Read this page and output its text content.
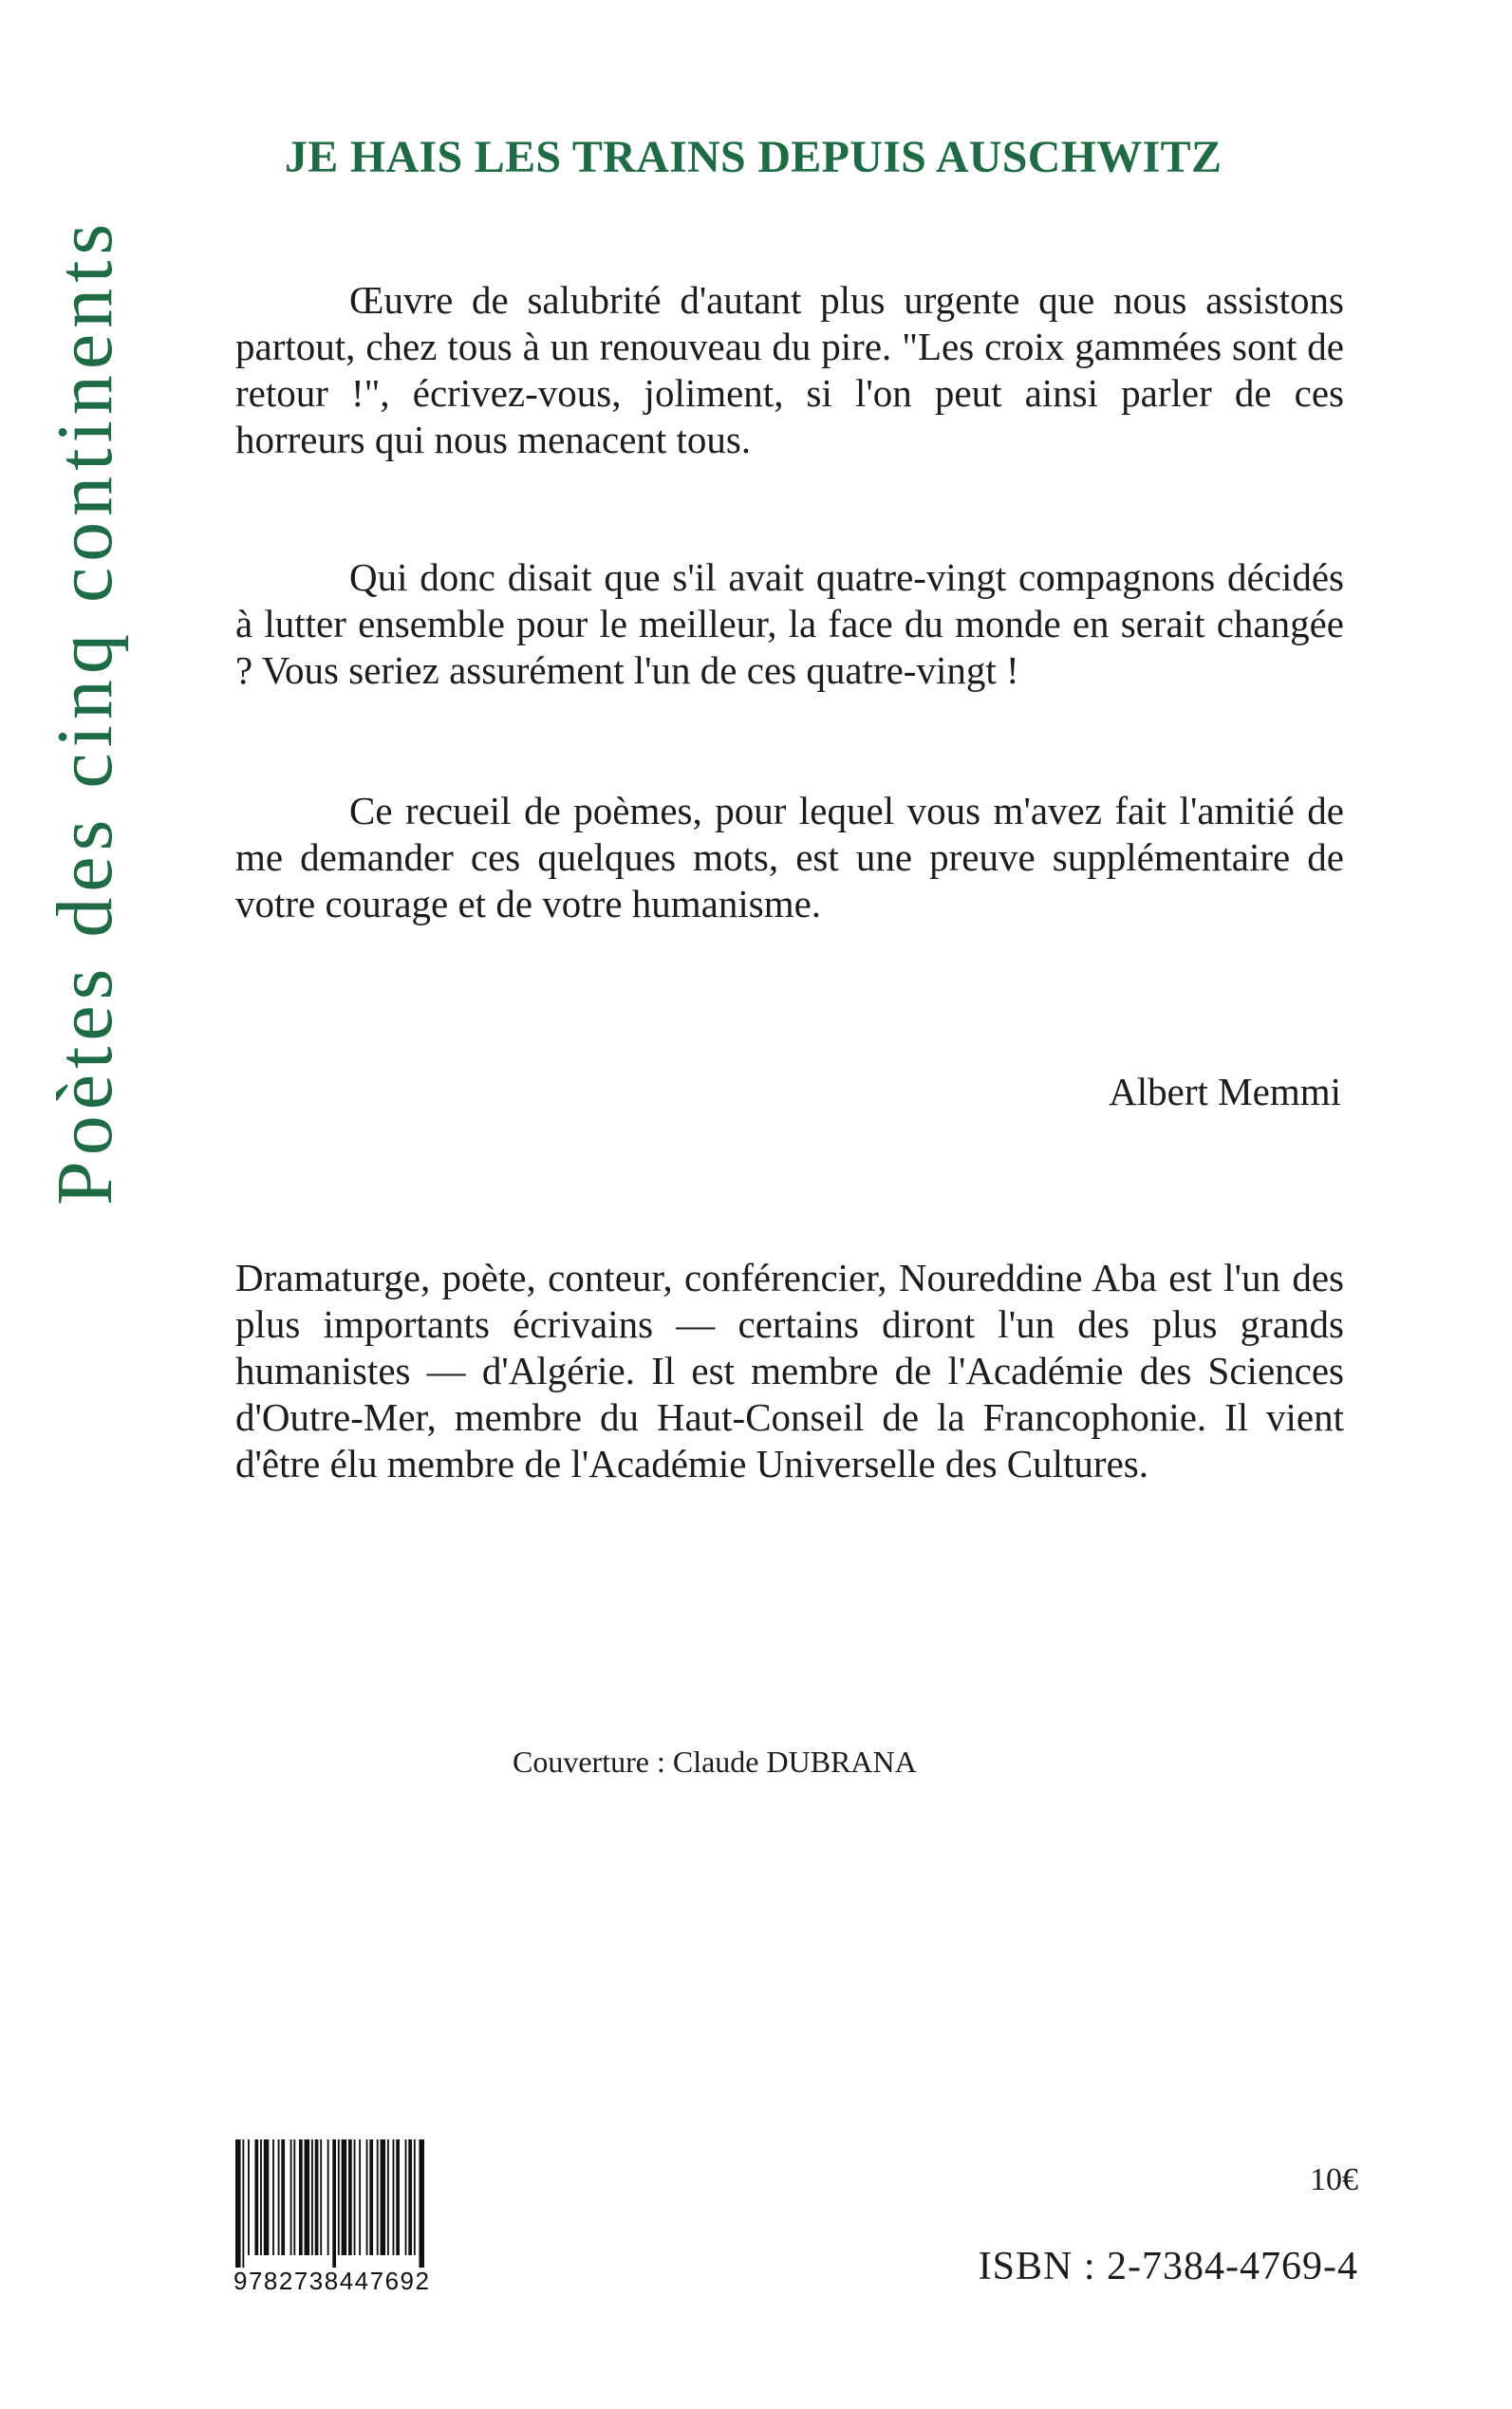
Poètes des cinq continents
JE HAIS LES TRAINS DEPUIS AUSCHWITZ

Œuvre de salubrité d'autant plus urgente que nous assistons partout, chez tous à un renouveau du pire. "Les croix gammées sont de retour !", écrivez-vous, joliment, si l'on peut ainsi parler de ces horreurs qui nous menacent tous.

Qui donc disait que s'il avait quatre-vingt compagnons décidés à lutter ensemble pour le meilleur, la face du monde en serait changée ? Vous seriez assurément l'un de ces quatre-vingt !

Ce recueil de poèmes, pour lequel vous m'avez fait l'amitié de me demander ces quelques mots, est une preuve supplémentaire de votre courage et de votre humanisme.

Albert Memmi

Dramaturge, poète, conteur, conférencier, Noureddine Aba est l'un des plus importants écrivains — certains diront l'un des plus grands humanistes — d'Algérie. Il est membre de l'Académie des Sciences d'Outre-Mer, membre du Haut-Conseil de la Francophonie. Il vient d'être élu membre de l'Académie Universelle des Cultures.

Couverture : Claude DUBRANA
9782738447692
10€
ISBN : 2-7384-4769-4
